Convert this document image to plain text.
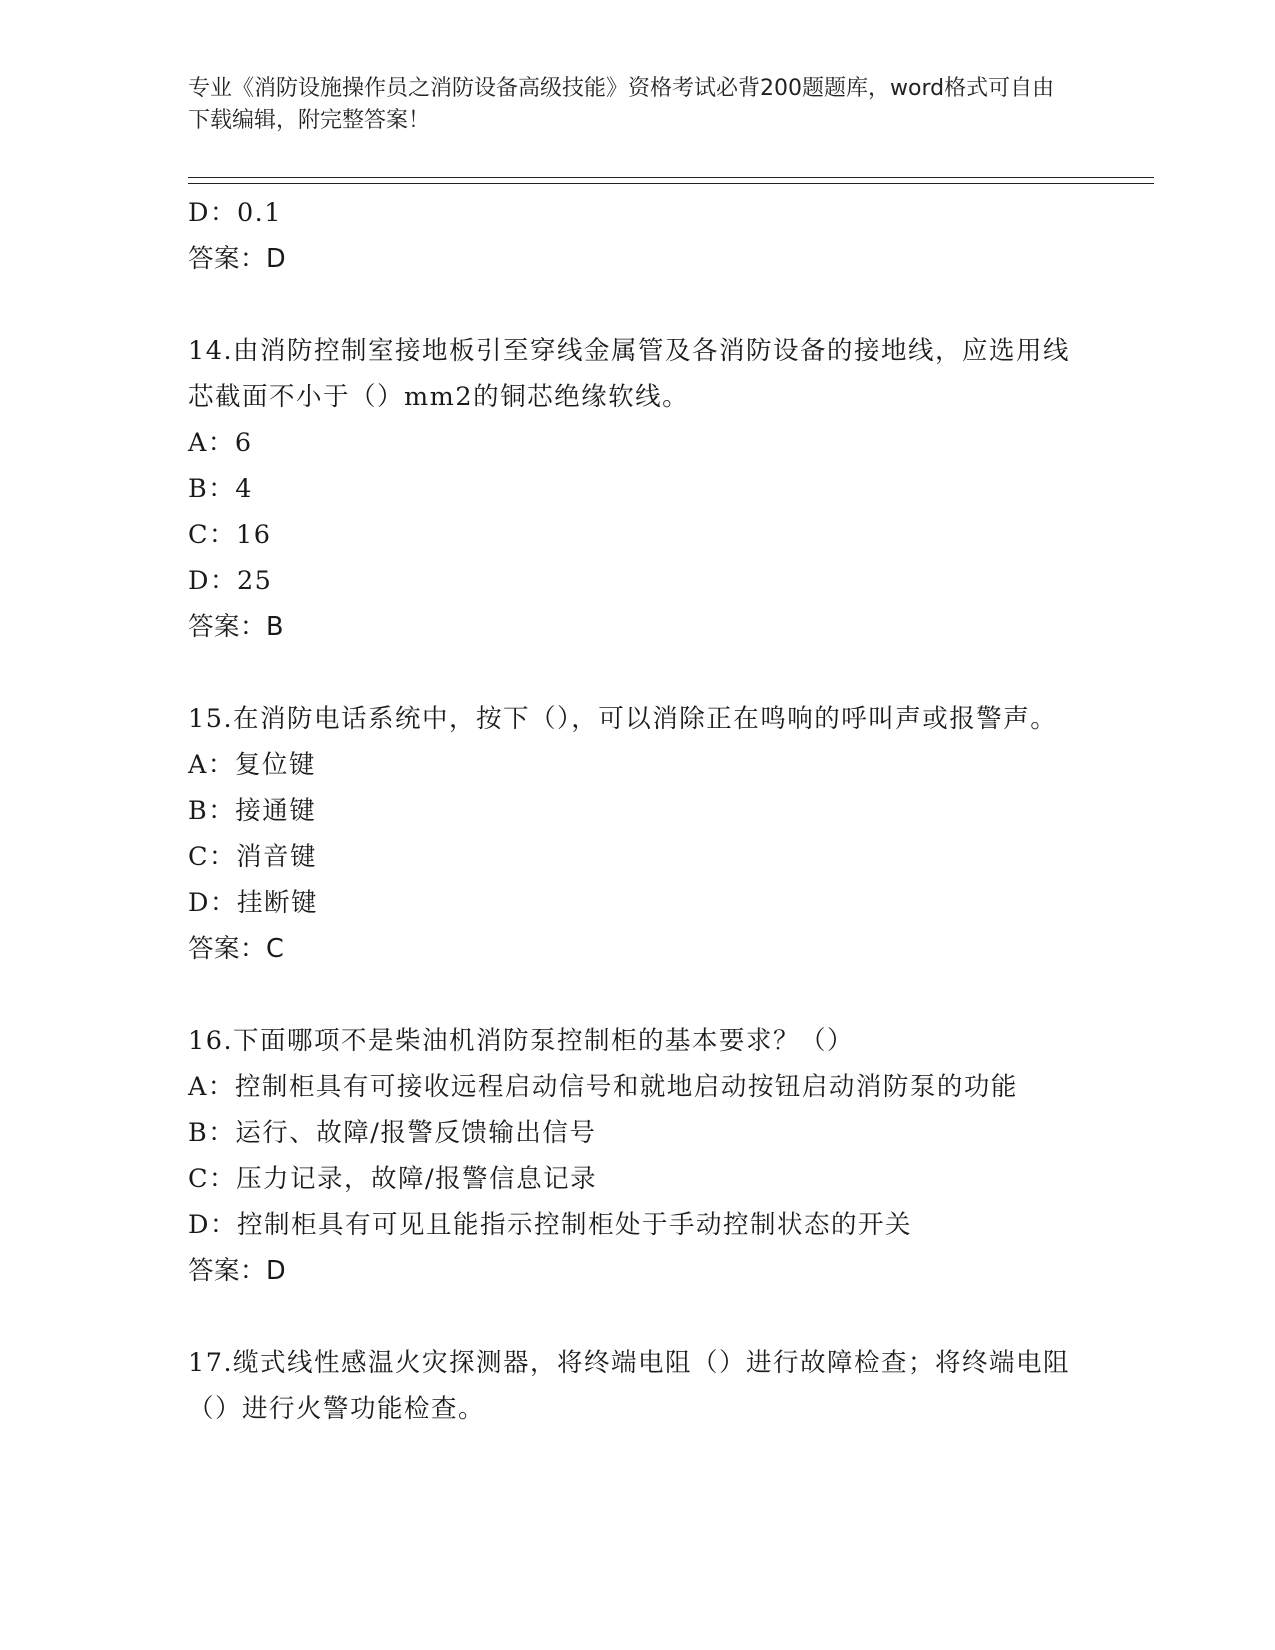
专业《消防设施操作员之消防设备高级技能》资格考试必背200题题库，word格式可自由下载编辑，附完整答案！
D：0.1
答案：D
14.由消防控制室接地板引至穿线金属管及各消防设备的接地线，应选用线芯截面不小于（）mm2的铜芯绝缘软线。
A：6
B：4
C：16
D：25
答案：B
15.在消防电话系统中，按下（），可以消除正在鸣响的呼叫声或报警声。
A：复位键
B：接通键
C：消音键
D：挂断键
答案：C
16.下面哪项不是柴油机消防泵控制柜的基本要求？（）
A：控制柜具有可接收远程启动信号和就地启动按钮启动消防泵的功能
B：运行、故障/报警反馈输出信号
C：压力记录，故障/报警信息记录
D：控制柜具有可见且能指示控制柜处于手动控制状态的开关
答案：D
17.缆式线性感温火灾探测器，将终端电阻（）进行故障检查；将终端电阻（）进行火警功能检查。
